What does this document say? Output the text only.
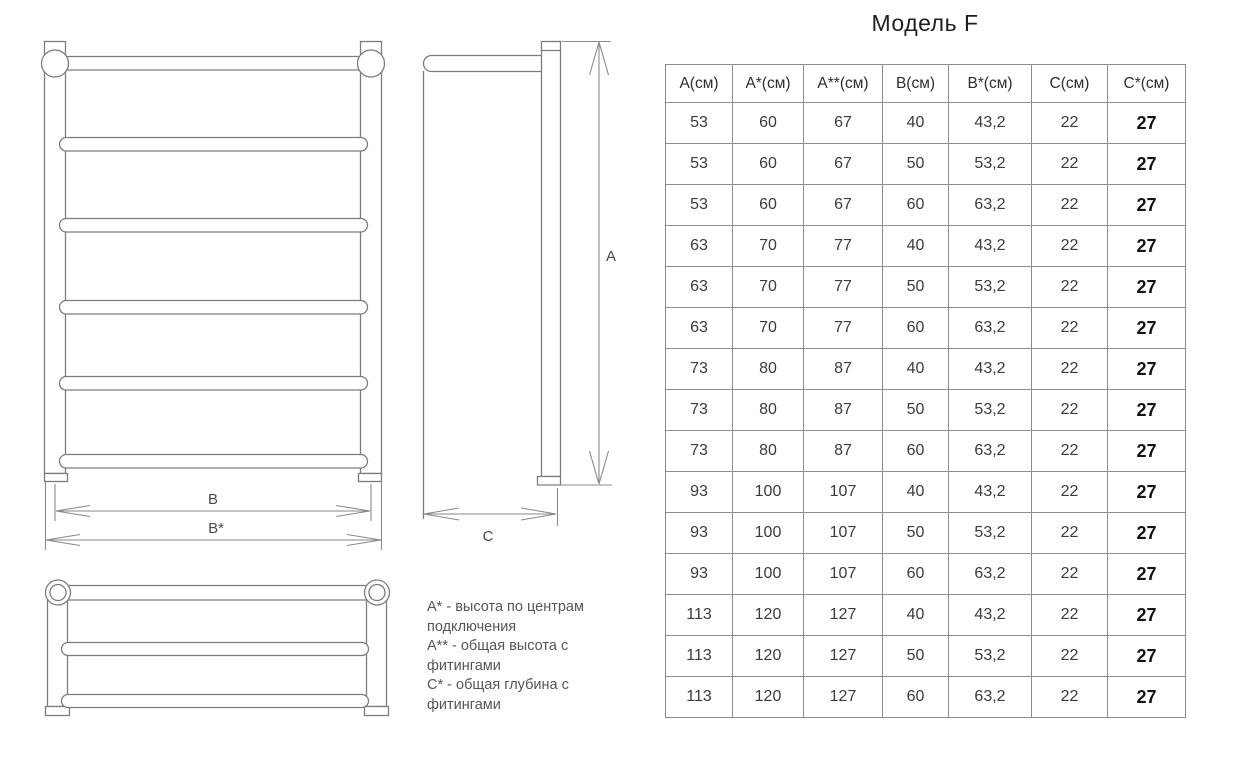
Модель F
B
B*
A
C
А* - высота по центрам
подключения
А** - общая высота с
фитингами
С* - общая глубина с
фитингами
А(см)	А*(см)	А**(см)	В(см)	В*(см)	С(см)	С*(см)
53	60	67	40	43,2	22	27
53	60	67	50	53,2	22	27
53	60	67	60	63,2	22	27
63	70	77	40	43,2	22	27
63	70	77	50	53,2	22	27
63	70	77	60	63,2	22	27
73	80	87	40	43,2	22	27
73	80	87	50	53,2	22	27
73	80	87	60	63,2	22	27
93	100	107	40	43,2	22	27
93	100	107	50	53,2	22	27
93	100	107	60	63,2	22	27
113	120	127	40	43,2	22	27
113	120	127	50	53,2	22	27
113	120	127	60	63,2	22	27
